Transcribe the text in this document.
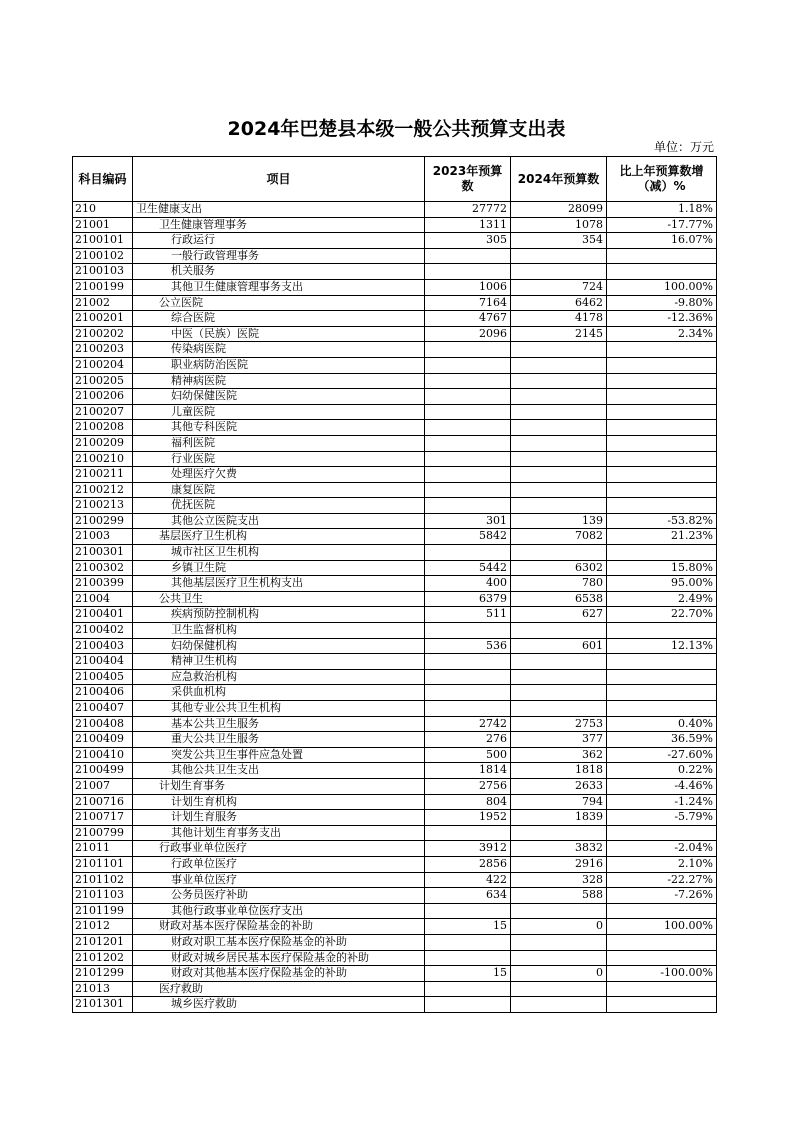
2024年巴楚县本级一般公共预算支出表
单位：万元
科目编码	项目	2023年预算数	2024年预算数	比上年预算数增（减）%
210	卫生健康支出	27772	28099	1.18%
21001	卫生健康管理事务	1311	1078	-17.77%
2100101	行政运行	305	354	16.07%
2100102	一般行政管理事务			
2100103	机关服务			
2100199	其他卫生健康管理事务支出	1006	724	100.00%
21002	公立医院	7164	6462	-9.80%
2100201	综合医院	4767	4178	-12.36%
2100202	中医（民族）医院	2096	2145	2.34%
2100203	传染病医院			
2100204	职业病防治医院			
2100205	精神病医院			
2100206	妇幼保健医院			
2100207	儿童医院			
2100208	其他专科医院			
2100209	福利医院			
2100210	行业医院			
2100211	处理医疗欠费			
2100212	康复医院			
2100213	优抚医院			
2100299	其他公立医院支出	301	139	-53.82%
21003	基层医疗卫生机构	5842	7082	21.23%
2100301	城市社区卫生机构			
2100302	乡镇卫生院	5442	6302	15.80%
2100399	其他基层医疗卫生机构支出	400	780	95.00%
21004	公共卫生	6379	6538	2.49%
2100401	疾病预防控制机构	511	627	22.70%
2100402	卫生监督机构			
2100403	妇幼保健机构	536	601	12.13%
2100404	精神卫生机构			
2100405	应急救治机构			
2100406	采供血机构			
2100407	其他专业公共卫生机构			
2100408	基本公共卫生服务	2742	2753	0.40%
2100409	重大公共卫生服务	276	377	36.59%
2100410	突发公共卫生事件应急处置	500	362	-27.60%
2100499	其他公共卫生支出	1814	1818	0.22%
21007	计划生育事务	2756	2633	-4.46%
2100716	计划生育机构	804	794	-1.24%
2100717	计划生育服务	1952	1839	-5.79%
2100799	其他计划生育事务支出			
21011	行政事业单位医疗	3912	3832	-2.04%
2101101	行政单位医疗	2856	2916	2.10%
2101102	事业单位医疗	422	328	-22.27%
2101103	公务员医疗补助	634	588	-7.26%
2101199	其他行政事业单位医疗支出			
21012	财政对基本医疗保险基金的补助	15	0	100.00%
2101201	财政对职工基本医疗保险基金的补助			
2101202	财政对城乡居民基本医疗保险基金的补助			
2101299	财政对其他基本医疗保险基金的补助	15	0	-100.00%
21013	医疗救助			
2101301	城乡医疗救助			
